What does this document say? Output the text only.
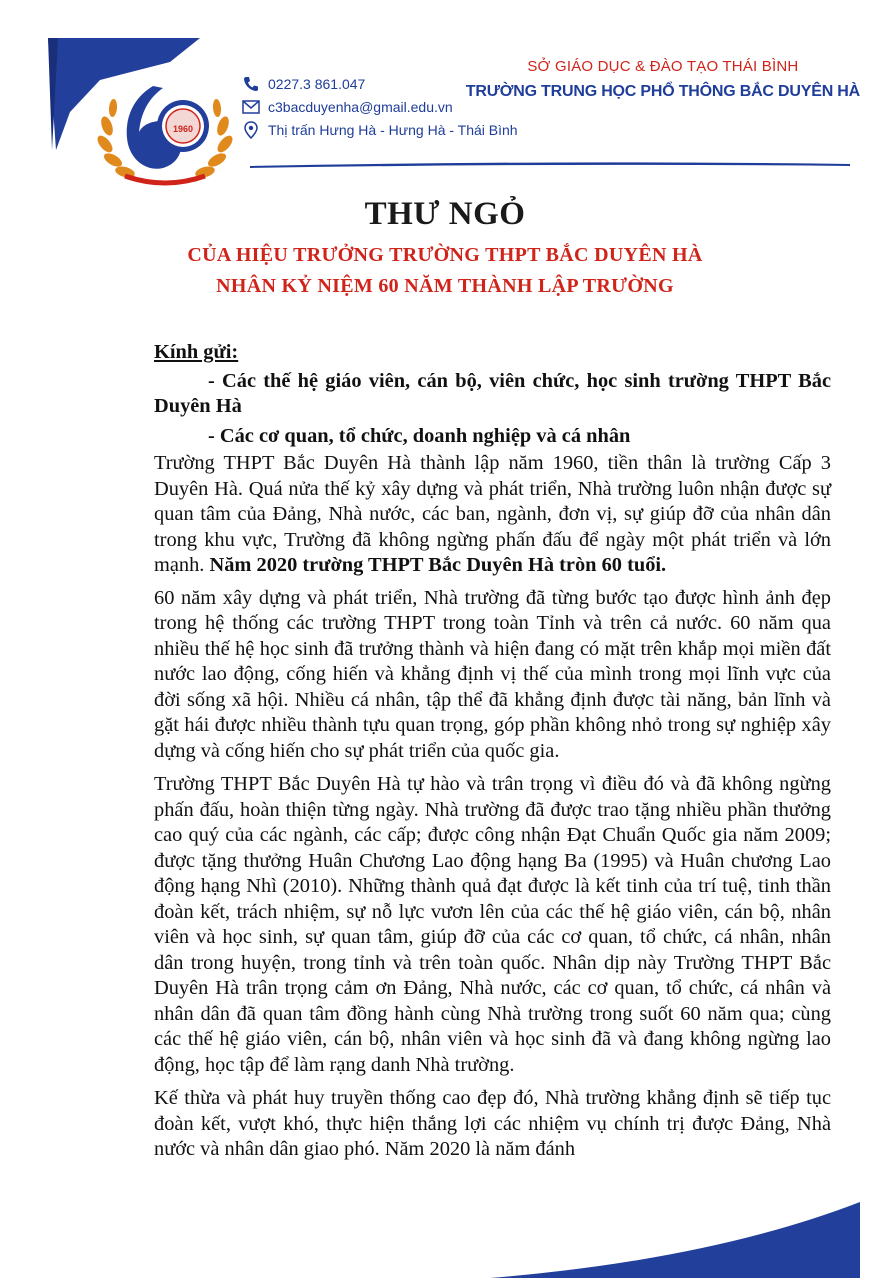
1960
0227.3 861.047
c3bacduyenha@gmail.edu.vn
Thị trấn Hưng Hà - Hưng Hà - Thái Bình
SỞ GIÁO DỤC & ĐÀO TẠO THÁI BÌNH
TRƯỜNG TRUNG HỌC PHỔ THÔNG BẮC DUYÊN HÀ
THƯ NGỎ
CỦA HIỆU TRƯỞNG TRƯỜNG THPT BẮC DUYÊN HÀ
NHÂN KỶ NIỆM 60 NĂM THÀNH LẬP TRƯỜNG
Kính gửi:

- Các thế hệ giáo viên, cán bộ, viên chức, học sinh trường THPT Bắc Duyên Hà

- Các cơ quan, tổ chức, doanh nghiệp và cá nhân

Trường THPT Bắc Duyên Hà thành lập năm 1960, tiền thân là trường Cấp 3 Duyên Hà. Quá nửa thế kỷ xây dựng và phát triển, Nhà trường luôn nhận được sự quan tâm của Đảng, Nhà nước, các ban, ngành, đơn vị, sự giúp đỡ của nhân dân trong khu vực, Trường đã không ngừng phấn đấu để ngày một phát triển và lớn mạnh. Năm 2020 trường THPT Bắc Duyên Hà tròn 60 tuổi.

60 năm xây dựng và phát triển, Nhà trường đã từng bước tạo được hình ảnh đẹp trong hệ thống các trường THPT trong toàn Tỉnh và trên cả nước. 60 năm qua nhiều thế hệ học sinh đã trưởng thành và hiện đang có mặt trên khắp mọi miền đất nước lao động, cống hiến và khẳng định vị thế của mình trong mọi lĩnh vực của đời sống xã hội. Nhiều cá nhân, tập thể đã khẳng định được tài năng, bản lĩnh và gặt hái được nhiều thành tựu quan trọng, góp phần không nhỏ trong sự nghiệp xây dựng và cống hiến cho sự phát triển của quốc gia.

Trường THPT Bắc Duyên Hà tự hào và trân trọng vì điều đó và đã không ngừng phấn đấu, hoàn thiện từng ngày. Nhà trường đã được trao tặng nhiều phần thưởng cao quý của các ngành, các cấp; được công nhận Đạt Chuẩn Quốc gia năm 2009; được tặng thưởng Huân Chương Lao động hạng Ba (1995) và Huân chương Lao động hạng Nhì (2010). Những thành quả đạt được là kết tinh của trí tuệ, tinh thần đoàn kết, trách nhiệm, sự nỗ lực vươn lên của các thế hệ giáo viên, cán bộ, nhân viên và học sinh, sự quan tâm, giúp đỡ của các cơ quan, tổ chức, cá nhân, nhân dân trong huyện, trong tỉnh và trên toàn quốc. Nhân dịp này Trường THPT Bắc Duyên Hà trân trọng cảm ơn Đảng, Nhà nước, các cơ quan, tổ chức, cá nhân và nhân dân đã quan tâm đồng hành cùng Nhà trường trong suốt 60 năm qua; cùng các thế hệ giáo viên, cán bộ, nhân viên và học sinh đã và đang không ngừng lao động, học tập để làm rạng danh Nhà trường.

Kế thừa và phát huy truyền thống cao đẹp đó, Nhà trường khẳng định sẽ tiếp tục đoàn kết, vượt khó, thực hiện thắng lợi các nhiệm vụ chính trị được Đảng, Nhà nước và nhân dân giao phó. Năm 2020 là năm đánh
